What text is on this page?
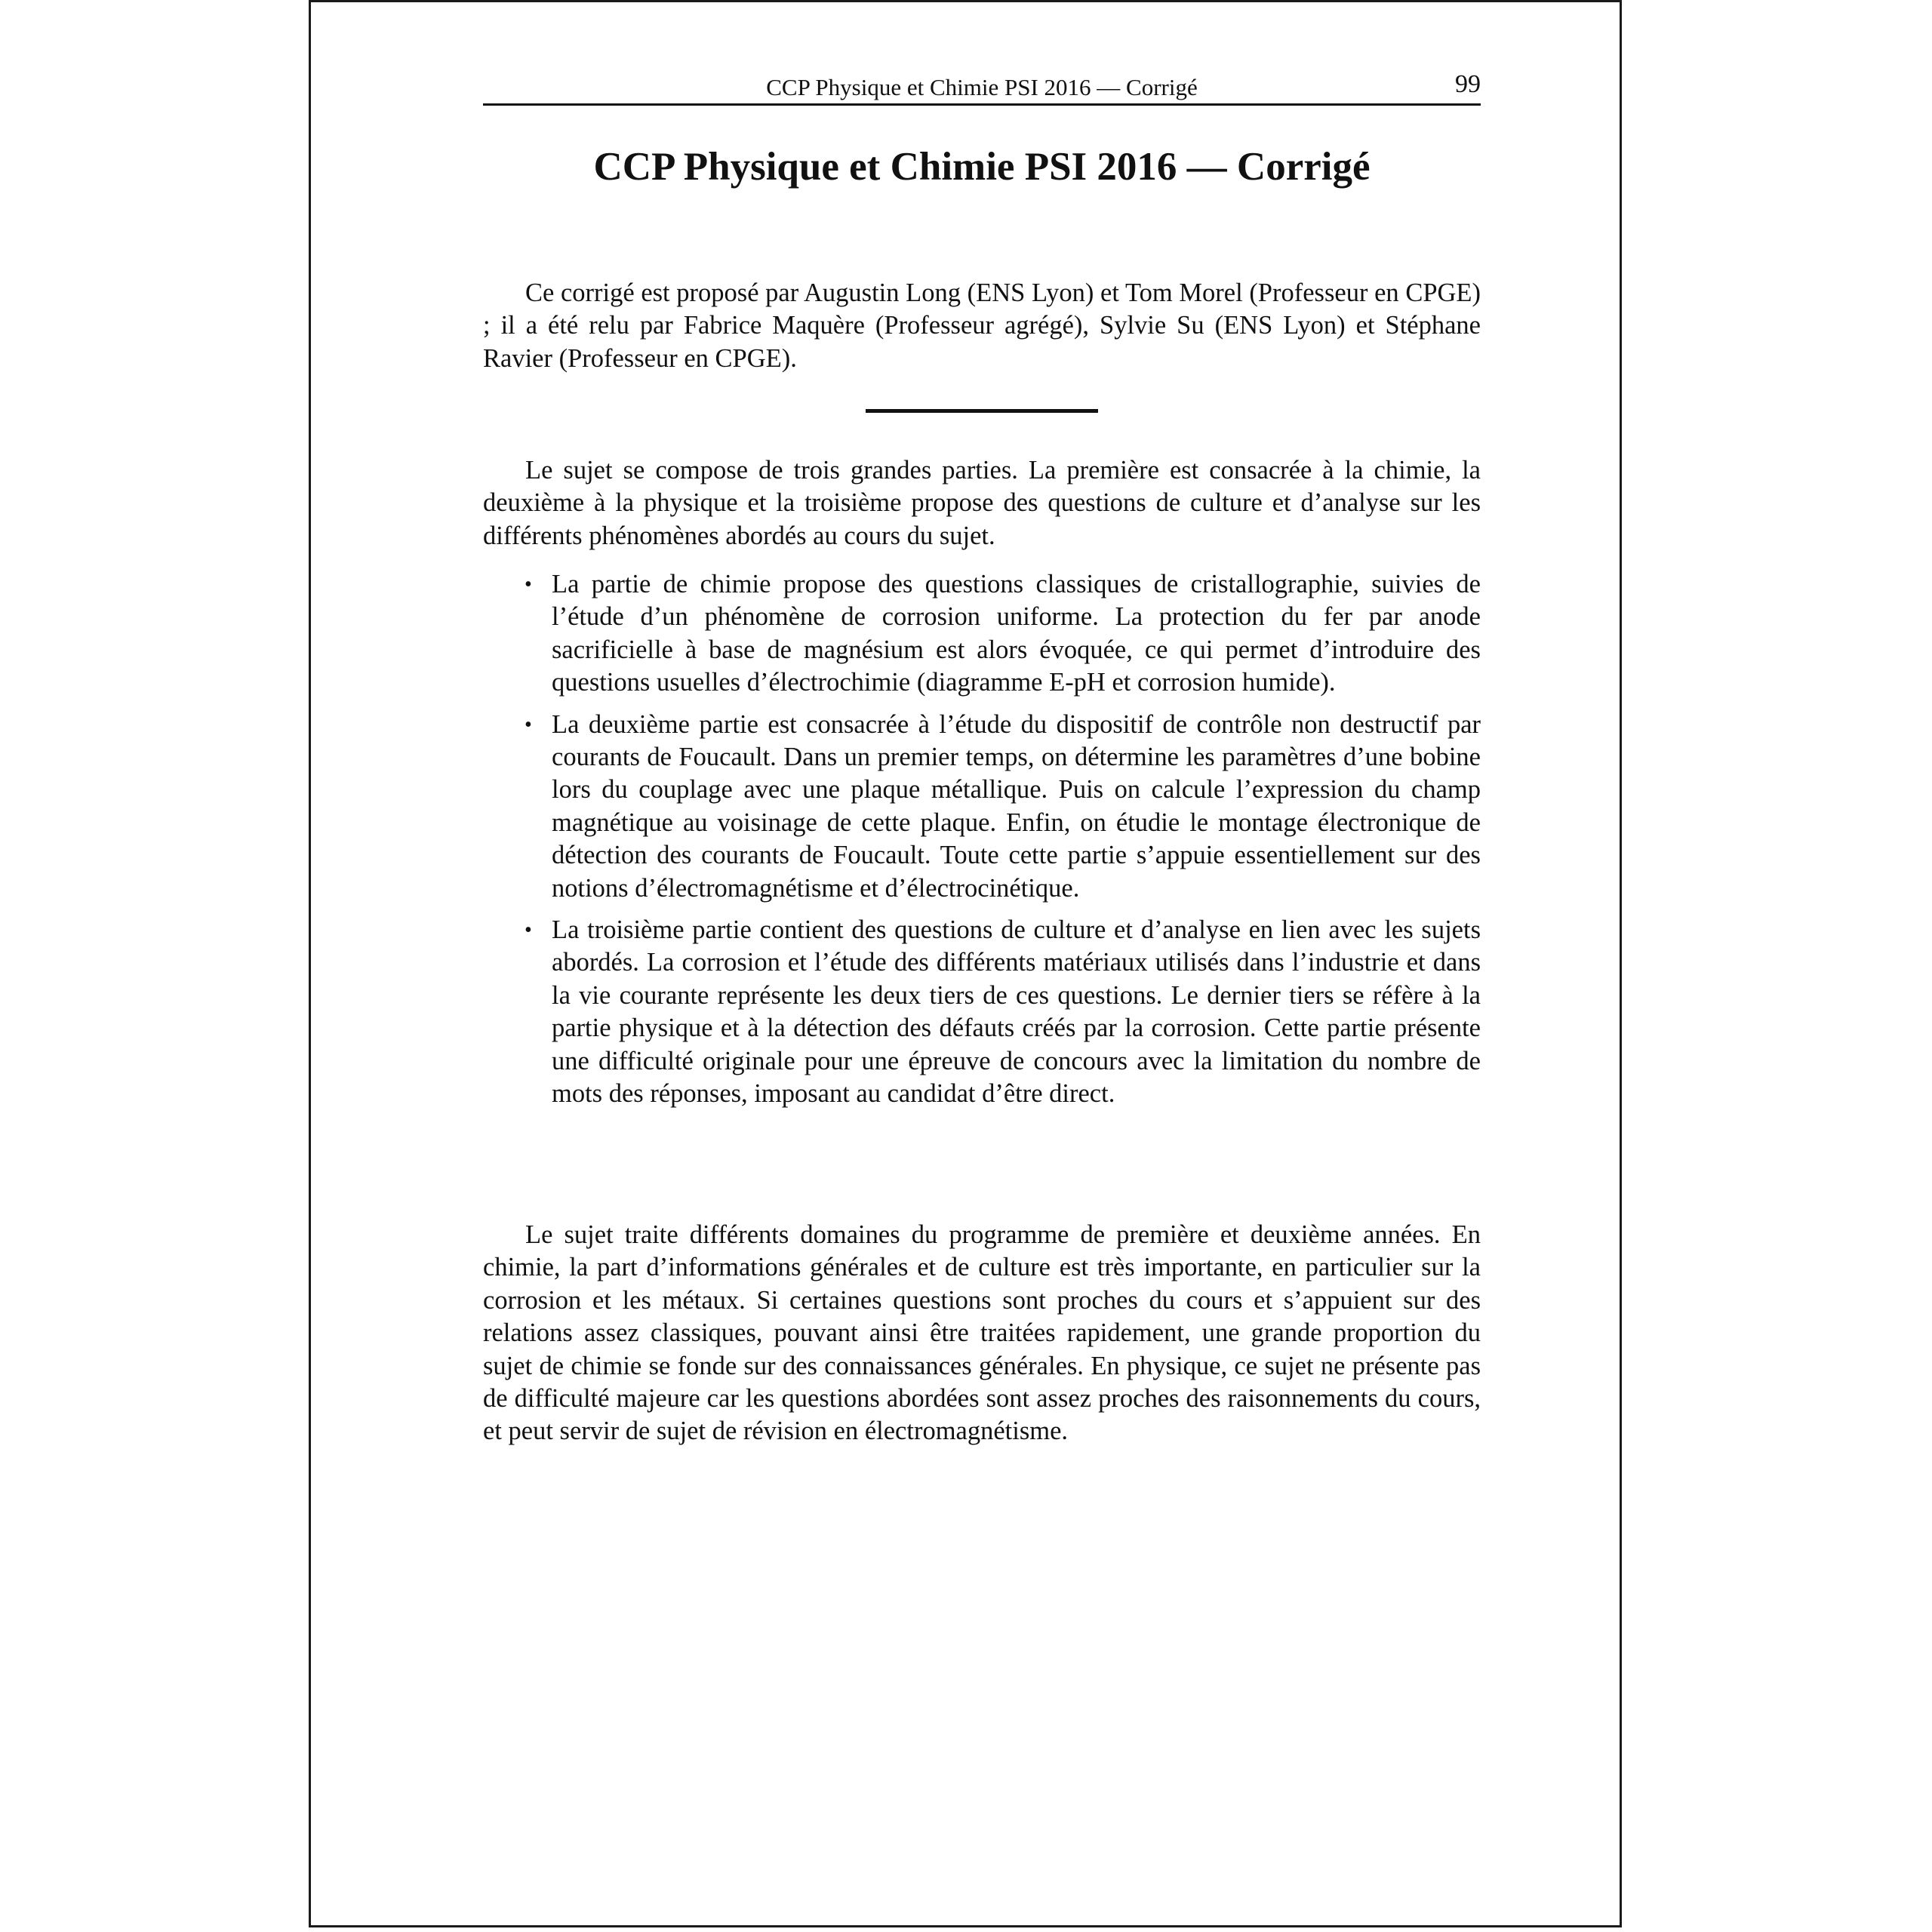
CCP Physique et Chimie PSI 2016 — Corrigé	99
CCP Physique et Chimie PSI 2016 — Corrigé

Ce corrigé est proposé par Augustin Long (ENS Lyon) et Tom Morel (Professeur en CPGE) ; il a été relu par Fabrice Maquère (Professeur agrégé), Sylvie Su (ENS Lyon) et Stéphane Ravier (Professeur en CPGE).

Le sujet se compose de trois grandes parties. La première est consacrée à la chimie, la deuxième à la physique et la troisième propose des questions de culture et d’analyse sur les différents phénomènes abordés au cours du sujet.

• La partie de chimie propose des questions classiques de cristallographie, suivies de l’étude d’un phénomène de corrosion uniforme. La protection du fer par anode sacrificielle à base de magnésium est alors évoquée, ce qui permet d’introduire des questions usuelles d’électrochimie (diagramme E-pH et corrosion humide).

• La deuxième partie est consacrée à l’étude du dispositif de contrôle non destructif par courants de Foucault. Dans un premier temps, on détermine les paramètres d’une bobine lors du couplage avec une plaque métallique. Puis on calcule l’expression du champ magnétique au voisinage de cette plaque. Enfin, on étudie le montage électronique de détection des courants de Foucault. Toute cette partie s’appuie essentiellement sur des notions d’électromagnétisme et d’électrocinétique.

• La troisième partie contient des questions de culture et d’analyse en lien avec les sujets abordés. La corrosion et l’étude des différents matériaux utilisés dans l’industrie et dans la vie courante représente les deux tiers de ces questions. Le dernier tiers se réfère à la partie physique et à la détection des défauts créés par la corrosion. Cette partie présente une difficulté originale pour une épreuve de concours avec la limitation du nombre de mots des réponses, imposant au candidat d’être direct.

Le sujet traite différents domaines du programme de première et deuxième années. En chimie, la part d’informations générales et de culture est très importante, en particulier sur la corrosion et les métaux. Si certaines questions sont proches du cours et s’appuient sur des relations assez classiques, pouvant ainsi être traitées rapidement, une grande proportion du sujet de chimie se fonde sur des connaissances générales. En physique, ce sujet ne présente pas de difficulté majeure car les questions abordées sont assez proches des raisonnements du cours, et peut servir de sujet de révision en électromagnétisme.
